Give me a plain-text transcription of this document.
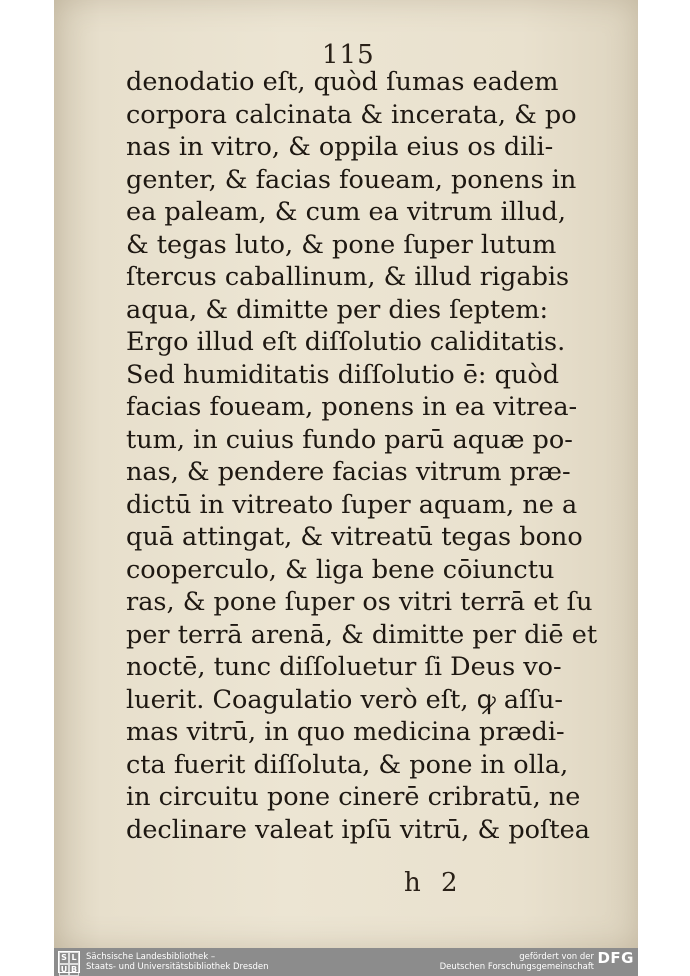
115
denodatio eſt, quòd ſumas eadem
corpora calcinata & incerata, & po
nas in vitro, & oppila eius os dili-
genter, & facias foueam, ponens in
ea paleam, & cum ea vitrum illud,
& tegas luto, & pone ſuper lutum
ſtercus caballinum, & illud rigabis
aqua, & dimitte per dies ſeptem:
Ergo illud eſt diſſolutio caliditatis.
Sed humiditatis diſſolutio ē: quòd
facias foueam, ponens in ea vitrea-
tum, in cuius fundo parū aquæ po-
nas, & pendere facias vitrum præ-
dictū in vitreato ſuper aquam, ne a
quā attingat, & vitreatū tegas bono
cooperculo, & liga bene cōiunctu
ras, & pone ſuper os vitri terrā et ſu
per terrā arenā, & dimitte per diē et
noctē, tunc diſſoluetur ſi Deus vo-
luerit. Coagulatio verò eſt, ꝙ aſſu-
mas vitrū, in quo medicina prædi-
cta fuerit diſſoluta, & pone in olla,
in circuitu pone cinerē cribratū, ne
declinare valeat ipſū vitrū, & poſtea
h 2
S L
U B
Sächsische Landesbibliothek –
Staats- und Universitätsbibliothek Dresden
gefördert von der
Deutschen Forschungsgemeinschaft DFG
